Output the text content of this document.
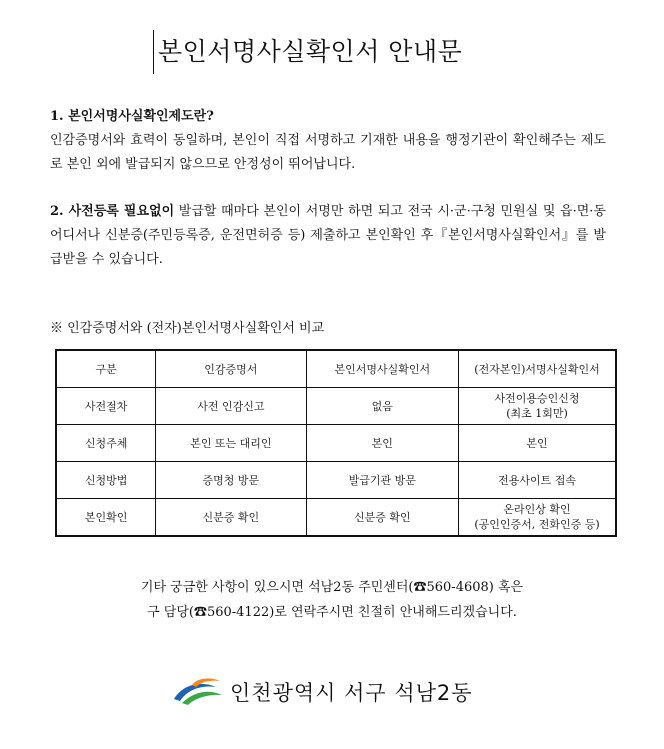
본인서명사실확인서 안내문
1. 본인서명사실확인제도란?
인감증명서와 효력이 동일하며, 본인이 직접 서명하고 기재한 내용을 행정기관이 확인해주는 제도로 본인 외에 발급되지 않으므로 안정성이 뛰어납니다.
2. 사전등록 필요없이 발급할 때마다 본인이 서명만 하면 되고 전국 시·군·구청 민원실 및 읍·면·동 어디서나 신분증(주민등록증, 운전면허증 등) 제출하고 본인확인 후『본인서명사실확인서』를 발급받을 수 있습니다.
※ 인감증명서와 (전자)본인서명사실확인서 비교
구분	인감증명서	본인서명사실확인서	(전자본인)서명사실확인서
사전절차	사전 인감신고	없음	사전이용승인신청
(최초 1회만)
신청주체	본인 또는 대리인	본인	본인
신청방법	증명청 방문	발급기관 방문	전용사이트 접속
본인확인	신분증 확인	신분증 확인	온라인상 확인
(공인인증서, 전화인증 등)
기타 궁금한 사항이 있으시면 석남2동 주민센터(☎560-4608) 혹은
구 담당(☎560-4122)로 연락주시면 친절히 안내해드리겠습니다.
인천광역시 서구 석남2동
